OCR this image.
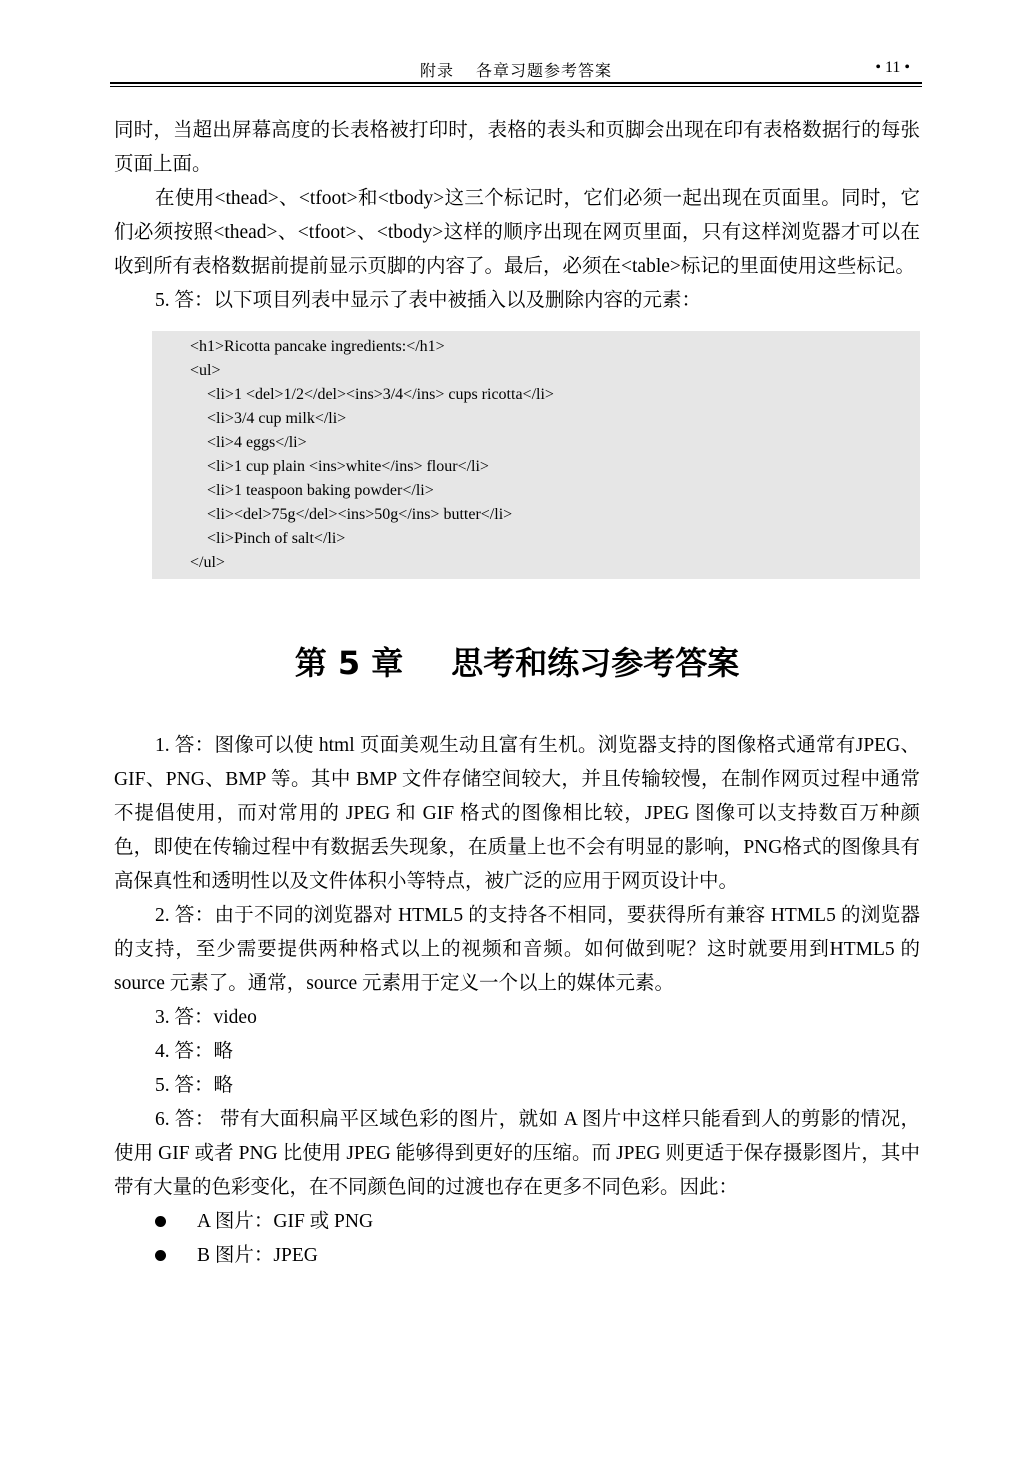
附录　 各章习题参考答案	• 11 •

同时，当超出屏幕高度的长表格被打印时，表格的表头和页脚会出现在印有表格数据行的每张页面上面。

在使用<thead>、<tfoot>和<tbody>这三个标记时，它们必须一起出现在页面里。同时，它们必须按照<thead>、<tfoot>、<tbody>这样的顺序出现在网页里面，只有这样浏览器才可以在收到所有表格数据前提前显示页脚的内容了。最后，必须在<table>标记的里面使用这些标记。

5. 答：以下项目列表中显示了表中被插入以及删除内容的元素：

<h1>Ricotta pancake ingredients:</h1>
<ul>
<li>1 <del>1/2</del><ins>3/4</ins> cups ricotta</li>
<li>3/4 cup milk</li>
<li>4 eggs</li>
<li>1 cup plain <ins>white</ins> flour</li>
<li>1 teaspoon baking powder</li>
<li><del>75g</del><ins>50g</ins> butter</li>
<li>Pinch of salt</li>
</ul>
第 5 章 思考和练习参考答案

1. 答：图像可以使 html 页面美观生动且富有生机。浏览器支持的图像格式通常有JPEG、GIF、PNG、BMP 等。其中 BMP 文件存储空间较大，并且传输较慢，在制作网页过程中通常不提倡使用，而对常用的 JPEG 和 GIF 格式的图像相比较，JPEG 图像可以支持数百万种颜色，即使在传输过程中有数据丢失现象，在质量上也不会有明显的影响，PNG格式的图像具有高保真性和透明性以及文件体积小等特点，被广泛的应用于网页设计中。

2. 答：由于不同的浏览器对 HTML5 的支持各不相同，要获得所有兼容 HTML5 的浏览器的支持，至少需要提供两种格式以上的视频和音频。如何做到呢？这时就要用到HTML5 的 source 元素了。通常，source 元素用于定义一个以上的媒体元素。

3. 答：video

4. 答：略

5. 答：略

6. 答： 带有大面积扁平区域色彩的图片，就如 A 图片中这样只能看到人的剪影的情况，使用 GIF 或者 PNG 比使用 JPEG 能够得到更好的压缩。而 JPEG 则更适于保存摄影图片，其中带有大量的色彩变化，在不同颜色间的过渡也存在更多不同色彩。因此：

A 图片：GIF 或 PNG
B 图片：JPEG
